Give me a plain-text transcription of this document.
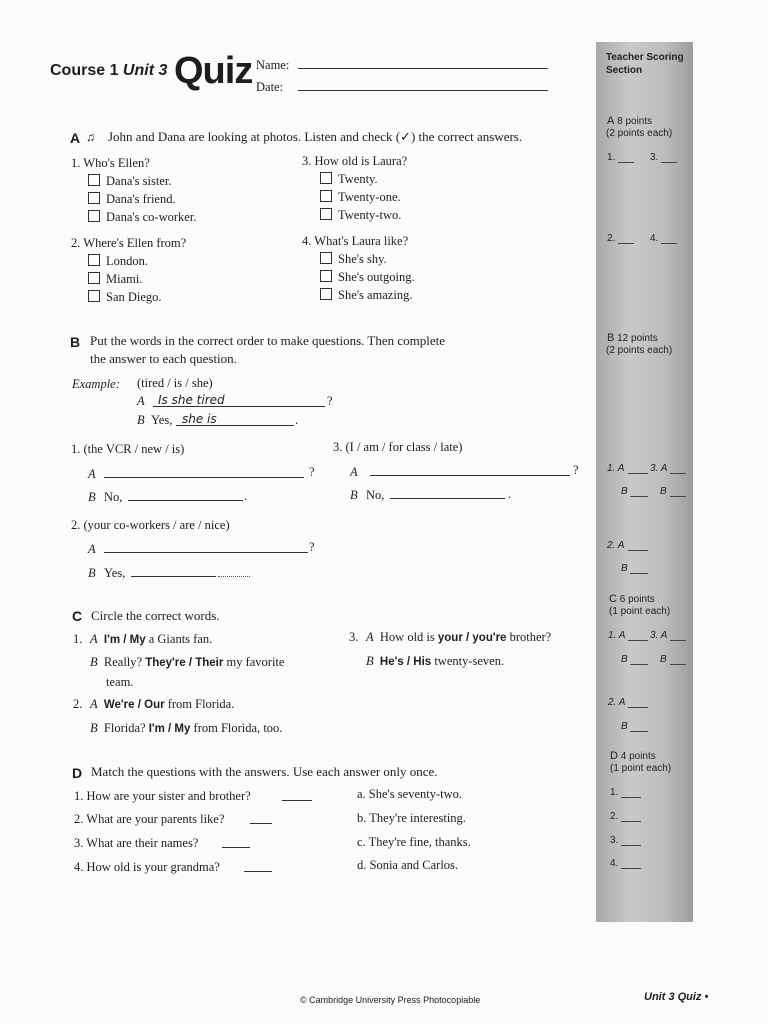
Course 1 Unit 3 Quiz Name:
Date:
A ♫ John and Dana are looking at photos. Listen and check (✓) the correct answers.
1. Who's Ellen?
Dana's sister.
Dana's friend.
Dana's co-worker.
2. Where's Ellen from?
London.
Miami.
San Diego.
3. How old is Laura?
Twenty.
Twenty-one.
Twenty-two.
4. What's Laura like?
She's shy.
She's outgoing.
She's amazing.
B Put the words in the correct order to make questions. Then complete
the answer to each question.
Example: (tired / is / she)
A Is she tired	?
B Yes, she is	.
1. (the VCR / new / is)
A	?
B No,	.
3. (I / am / for class / late)
A	?
B No,	.
2. (your co-workers / are / nice)
A	?
B Yes,
C Circle the correct words.
1. A I'm / My a Giants fan.
B Really? They're / Their my favorite
team.
2. A We're / Our from Florida.
B Florida? I'm / My from Florida, too.
3. A How old is your / you're brother?
B He's / His twenty-seven.
D Match the questions with the answers. Use each answer only once.
1. How are your sister and brother?
2. What are your parents like?
3. What are their names?
4. How old is your grandma?
a. She's seventy-two.
b. They're interesting.
c. They're fine, thanks.
d. Sonia and Carlos.
Teacher Scoring
Section
A 8 points
(2 points each)
1.	3.
2.	4.
B 12 points
(2 points each)
1. A	3. A
B	B
2. A
B
C 6 points
(1 point each)
1. A 3. A
B	B
2. A
B
D 4 points
(1 point each)
1.
2.
3.
4.
© Cambridge University Press Photocopiable	Unit 3 Quiz •
